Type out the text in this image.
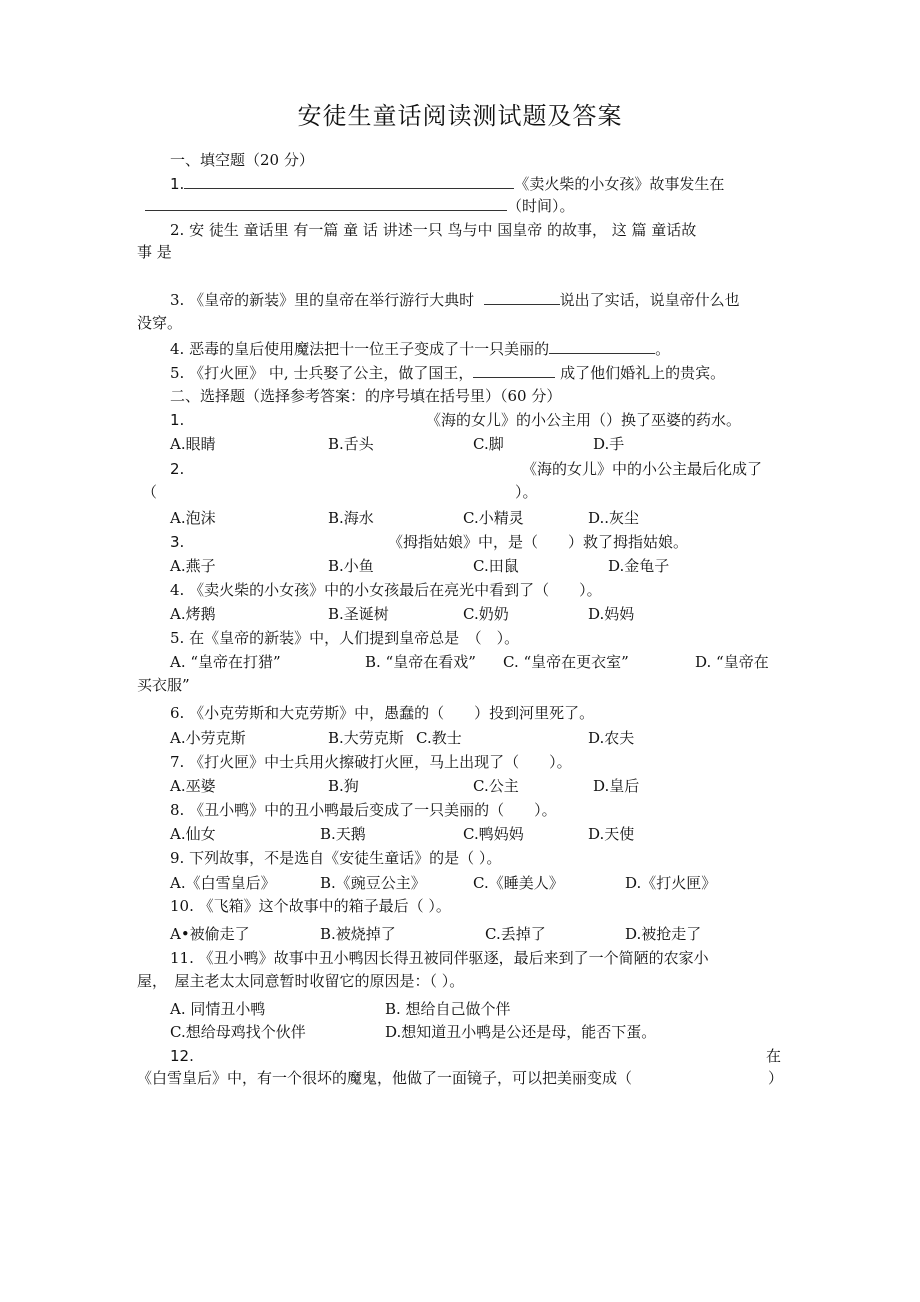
安徒生童话阅读测试题及答案
一、填空题（20 分）
1.	《卖火柴的小女孩》故事发生在
（时间）。
2. 安 徒生 童话里 有一篇 童 话 讲述一只 鸟与中 国皇帝 的故事， 这 篇 童话故
事 是
3. 《皇帝的新装》里的皇帝在举行游行大典时	说出了实话，说皇帝什么也
没穿。
4. 恶毒的皇后使用魔法把十一位王子变成了十一只美丽的	。
5. 《打火匣》 中, 士兵娶了公主，做了国王，	成了他们婚礼上的贵宾。
二、选择题（选择参考答案：的序号填在括号里）（60 分）
1.	《海的女儿》的小公主用（）换了巫婆的药水。
A.眼睛	B.舌头	C.脚	D.手
2.	《海的女儿》中的小公主最后化成了
（	）。
A.泡沫	B.海水	C.小精灵	D..灰尘
3.	《拇指姑娘》中，是（　　）救了拇指姑娘。
A.燕子	B.小鱼	C.田鼠	D.金龟子
4. 《卖火柴的小女孩》中的小女孩最后在亮光中看到了（　　）。
A.烤鹅	B.圣诞树	C.奶奶	D.妈妈
5. 在《皇帝的新装》中，人们提到皇帝总是　（　）。
A. “皇帝在打猎”	B. “皇帝在看戏” C. “皇帝在更衣室”	D. “皇帝在
买衣服”
6. 《小克劳斯和大克劳斯》中，愚蠢的（　　）投到河里死了。
A.小劳克斯	B.大劳克斯 C.教士	D.农夫
7. 《打火匣》中士兵用火擦破打火匣，马上出现了（　　）。
A.巫婆	B.狗	C.公主	D.皇后
8. 《丑小鸭》中的丑小鸭最后变成了一只美丽的（　　）。
A.仙女	B.天鹅	C.鸭妈妈	D.天使
9. 下列故事，不是选自《安徒生童话》的是（ ）。
A.《白雪皇后》	B.《豌豆公主》	C.《睡美人》	D.《打火匣》
10. 《飞箱》这个故事中的箱子最后（ ）。
A•被偷走了	B.被烧掉了	C.丢掉了	D.被抢走了
11. 《丑小鸭》故事中丑小鸭因长得丑被同伴驱逐，最后来到了一个简陋的农家小
屋，　屋主老太太同意暂时收留它的原因是：（ ）。
A. 同情丑小鸭	B. 想给自己做个伴
C.想给母鸡找个伙伴	D.想知道丑小鸭是公还是母，能否下蛋。
12.	在
《白雪皇后》中，有一个很坏的魔鬼，他做了一面镜子，可以把美丽变成（	）
